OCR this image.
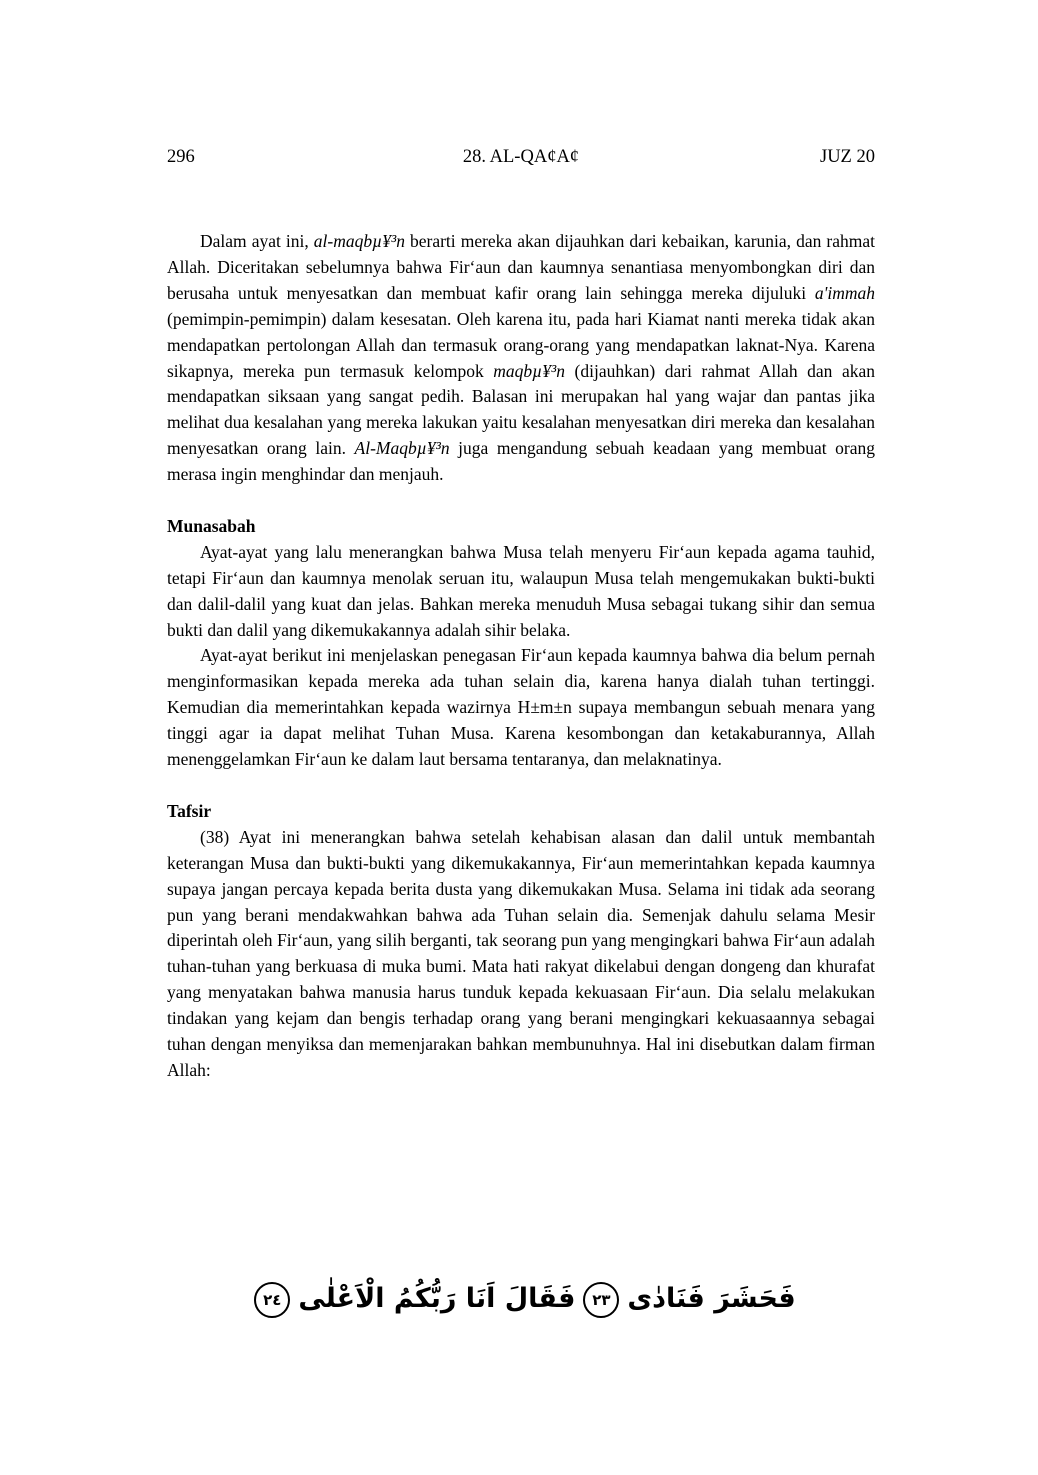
296	28. AL-QA¢A¢	JUZ 20

Dalam ayat ini, al-maqbµ¥³n berarti mereka akan dijauhkan dari kebaikan, karunia, dan rahmat Allah. Diceritakan sebelumnya bahwa Fir‘aun dan kaumnya senantiasa menyombongkan diri dan berusaha untuk menyesatkan dan membuat kafir orang lain sehingga mereka dijuluki a'immah (pemimpin-pemimpin) dalam kesesatan. Oleh karena itu, pada hari Kiamat nanti mereka tidak akan mendapatkan pertolongan Allah dan termasuk orang-orang yang mendapatkan laknat-Nya. Karena sikapnya, mereka pun termasuk kelompok maqbµ¥³n (dijauhkan) dari rahmat Allah dan akan mendapatkan siksaan yang sangat pedih. Balasan ini merupakan hal yang wajar dan pantas jika melihat dua kesalahan yang mereka lakukan yaitu kesalahan menyesatkan diri mereka dan kesalahan menyesatkan orang lain. Al-Maqbµ¥³n juga mengandung sebuah keadaan yang membuat orang merasa ingin menghindar dan menjauh.

Munasabah

Ayat-ayat yang lalu menerangkan bahwa Musa telah menyeru Fir‘aun kepada agama tauhid, tetapi Fir‘aun dan kaumnya menolak seruan itu, walaupun Musa telah mengemukakan bukti-bukti dan dalil-dalil yang kuat dan jelas. Bahkan mereka menuduh Musa sebagai tukang sihir dan semua bukti dan dalil yang dikemukakannya adalah sihir belaka.

Ayat-ayat berikut ini menjelaskan penegasan Fir‘aun kepada kaumnya bahwa dia belum pernah menginformasikan kepada mereka ada tuhan selain dia, karena hanya dialah tuhan tertinggi. Kemudian dia memerintahkan kepada wazirnya H±m±n supaya membangun sebuah menara yang tinggi agar ia dapat melihat Tuhan Musa. Karena kesombongan dan ketakaburannya, Allah menenggelamkan Fir‘aun ke dalam laut bersama tentaranya, dan melaknatinya.

Tafsir

(38) Ayat ini menerangkan bahwa setelah kehabisan alasan dan dalil untuk membantah keterangan Musa dan bukti-bukti yang dikemukakannya, Fir‘aun memerintahkan kepada kaumnya supaya jangan percaya kepada berita dusta yang dikemukakan Musa. Selama ini tidak ada seorang pun yang berani mendakwahkan bahwa ada Tuhan selain dia. Semenjak dahulu selama Mesir diperintah oleh Fir‘aun, yang silih berganti, tak seorang pun yang mengingkari bahwa Fir‘aun adalah tuhan-tuhan yang berkuasa di muka bumi. Mata hati rakyat dikelabui dengan dongeng dan khurafat yang menyatakan bahwa manusia harus tunduk kepada kekuasaan Fir‘aun. Dia selalu melakukan tindakan yang kejam dan bengis terhadap orang yang berani mengingkari kekuasaannya sebagai tuhan dengan menyiksa dan memenjarakan bahkan membunuhnya. Hal ini disebutkan dalam firman Allah:

فَحَشَرَ فَنَادٰى٢٣فَقَالَ اَنَا رَبُّكُمُ الْاَعْلٰى٢٤
